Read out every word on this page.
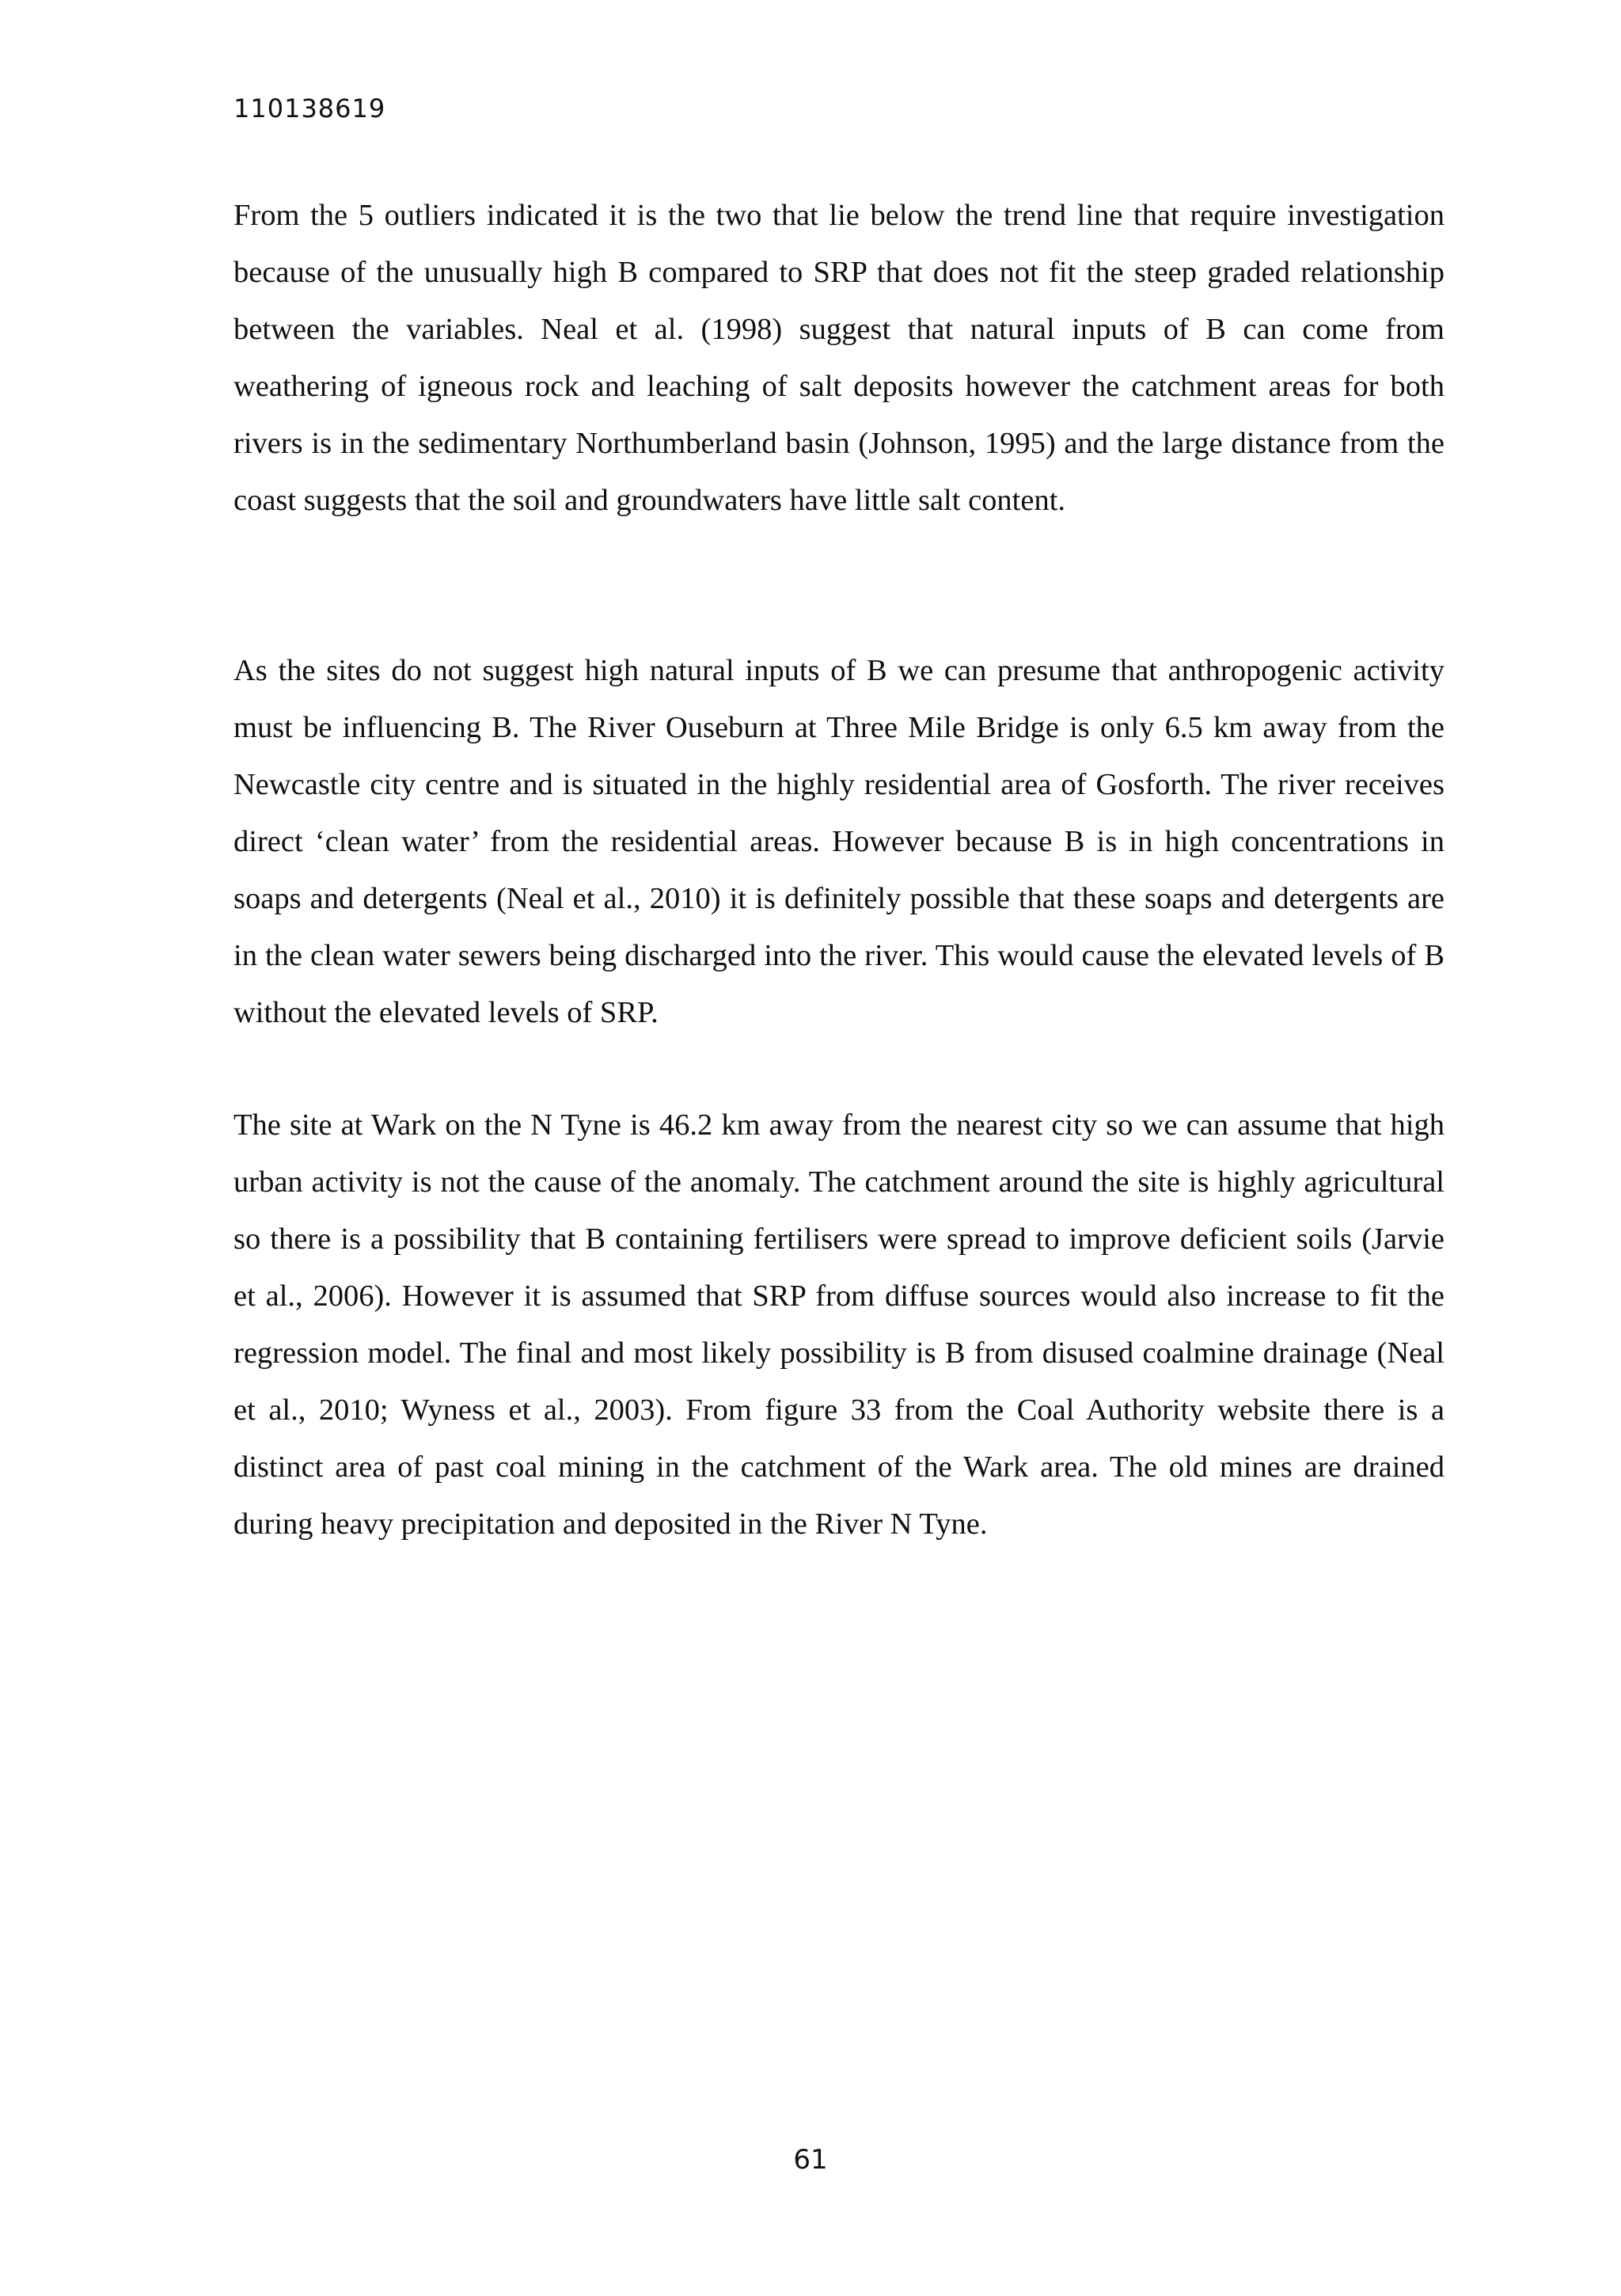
110138619

From the 5 outliers indicated it is the two that lie below the trend line that require investigation because of the unusually high B compared to SRP that does not fit the steep graded relationship between the variables. Neal et al. (1998) suggest that natural inputs of B can come from weathering of igneous rock and leaching of salt deposits however the catchment areas for both rivers is in the sedimentary Northumberland basin (Johnson, 1995) and the large distance from the coast suggests that the soil and groundwaters have little salt content.

As the sites do not suggest high natural inputs of B we can presume that anthropogenic activity must be influencing B. The River Ouseburn at Three Mile Bridge is only 6.5 km away from the Newcastle city centre and is situated in the highly residential area of Gosforth. The river receives direct ‘clean water’ from the residential areas. However because B is in high concentrations in soaps and detergents (Neal et al., 2010) it is definitely possible that these soaps and detergents are in the clean water sewers being discharged into the river. This would cause the elevated levels of B without the elevated levels of SRP.

The site at Wark on the N Tyne is 46.2 km away from the nearest city so we can assume that high urban activity is not the cause of the anomaly. The catchment around the site is highly agricultural so there is a possibility that B containing fertilisers were spread to improve deficient soils (Jarvie et al., 2006). However it is assumed that SRP from diffuse sources would also increase to fit the regression model. The final and most likely possibility is B from disused coalmine drainage (Neal et al., 2010; Wyness et al., 2003). From figure 33 from the Coal Authority website there is a distinct area of past coal mining in the catchment of the Wark area. The old mines are drained during heavy precipitation and deposited in the River N Tyne.

61
